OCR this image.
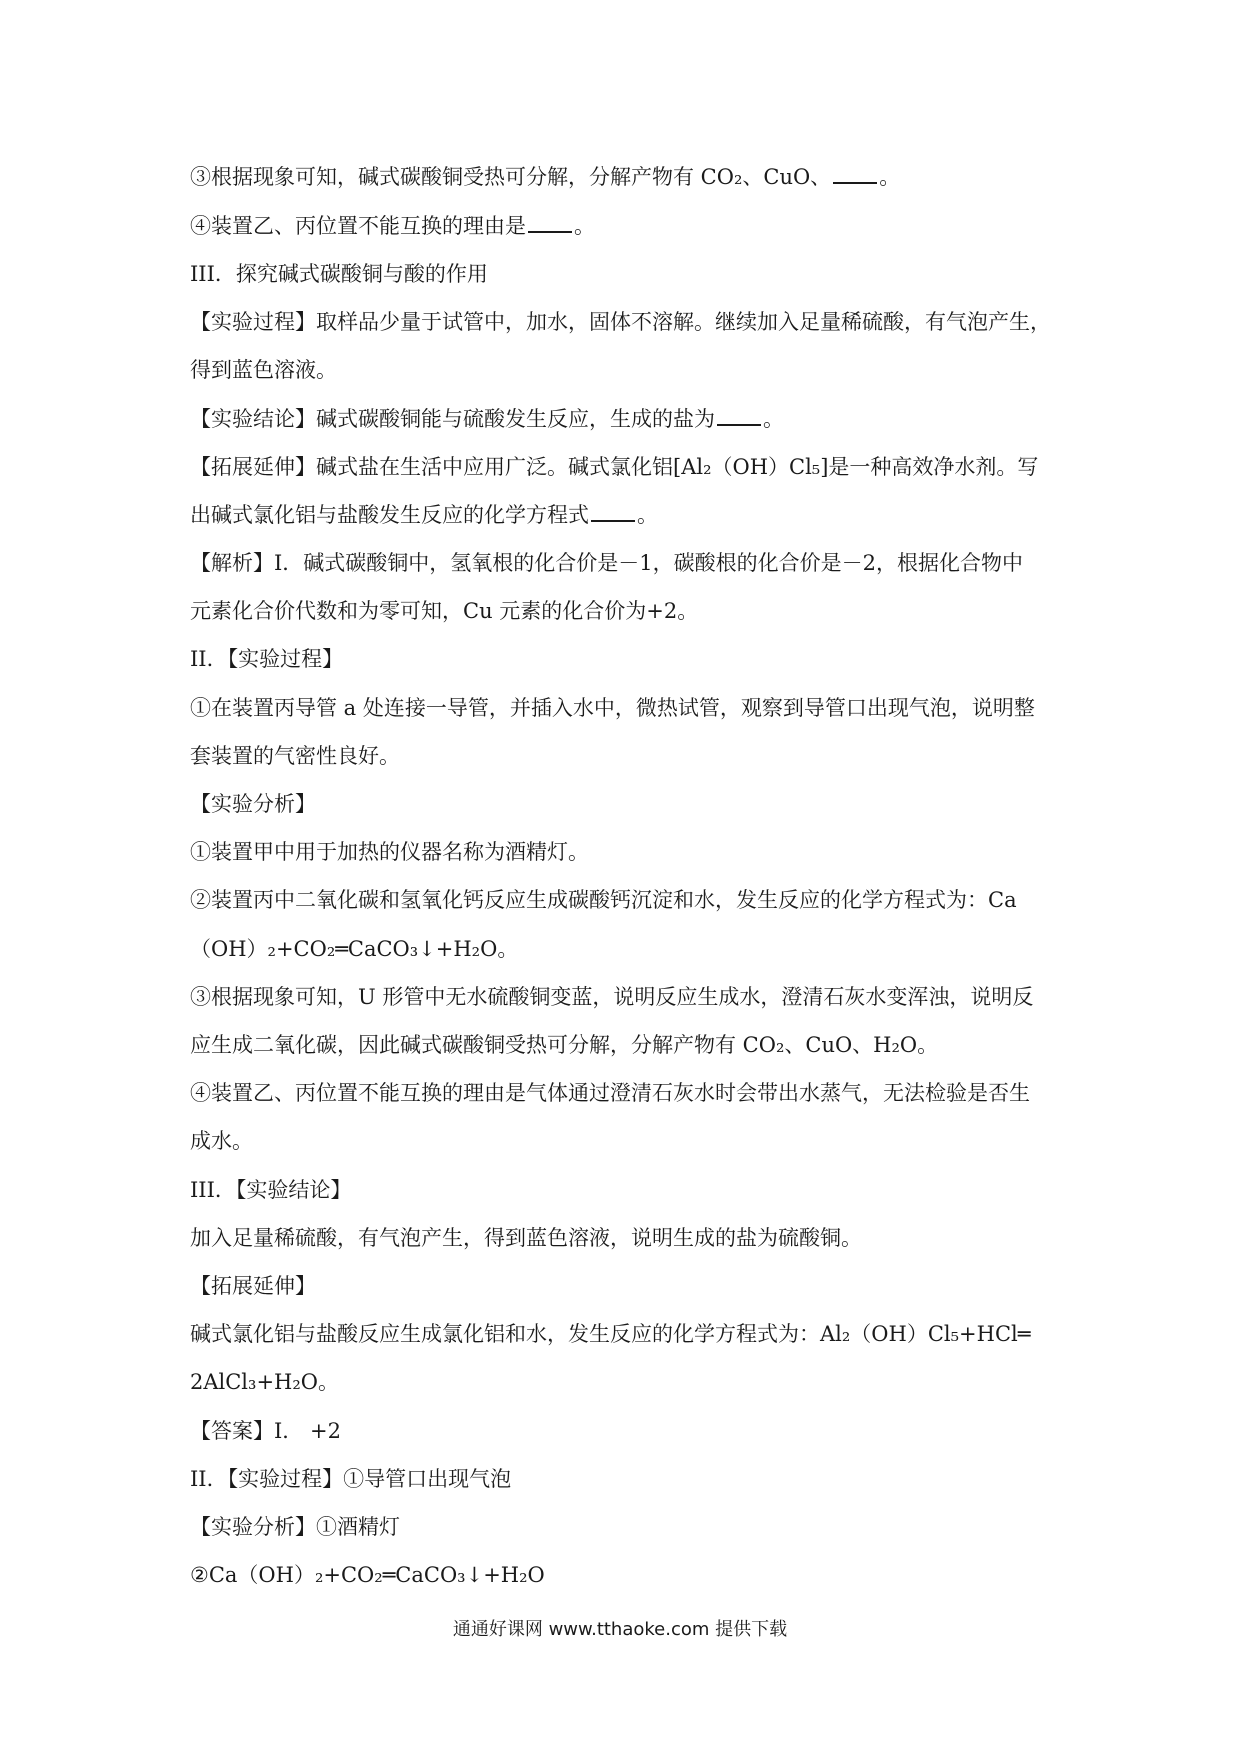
③根据现象可知，碱式碳酸铜受热可分解，分解产物有 CO₂、CuO、 。
④装置乙、丙位置不能互换的理由是 。
III．探究碱式碳酸铜与酸的作用
【实验过程】取样品少量于试管中，加水，固体不溶解。继续加入足量稀硫酸，有气泡产生，
得到蓝色溶液。
【实验结论】碱式碳酸铜能与硫酸发生反应，生成的盐为 。
【拓展延伸】碱式盐在生活中应用广泛。碱式氯化铝[Al₂（OH）Cl₅]是一种高效净水剂。写
出碱式氯化铝与盐酸发生反应的化学方程式 。
【解析】I．碱式碳酸铜中，氢氧根的化合价是－1，碳酸根的化合价是－2，根据化合物中
元素化合价代数和为零可知，Cu 元素的化合价为+2。
II．【实验过程】
①在装置丙导管 a 处连接一导管，并插入水中，微热试管，观察到导管口出现气泡，说明整
套装置的气密性良好。
【实验分析】
①装置甲中用于加热的仪器名称为酒精灯。
②装置丙中二氧化碳和氢氧化钙反应生成碳酸钙沉淀和水，发生反应的化学方程式为：Ca
（OH）₂+CO₂═CaCO₃↓+H₂O。
③根据现象可知，U 形管中无水硫酸铜变蓝，说明反应生成水，澄清石灰水变浑浊，说明反
应生成二氧化碳，因此碱式碳酸铜受热可分解，分解产物有 CO₂、CuO、H₂O。
④装置乙、丙位置不能互换的理由是气体通过澄清石灰水时会带出水蒸气，无法检验是否生
成水。
III．【实验结论】
加入足量稀硫酸，有气泡产生，得到蓝色溶液，说明生成的盐为硫酸铜。
【拓展延伸】
碱式氯化铝与盐酸反应生成氯化铝和水，发生反应的化学方程式为：Al₂（OH）Cl₅+HCl═
2AlCl₃+H₂O。
【答案】I． +2
II．【实验过程】①导管口出现气泡
【实验分析】①酒精灯
②Ca（OH）₂+CO₂═CaCO₃↓+H₂O
通通好课网 www.tthaoke.com 提供下载
